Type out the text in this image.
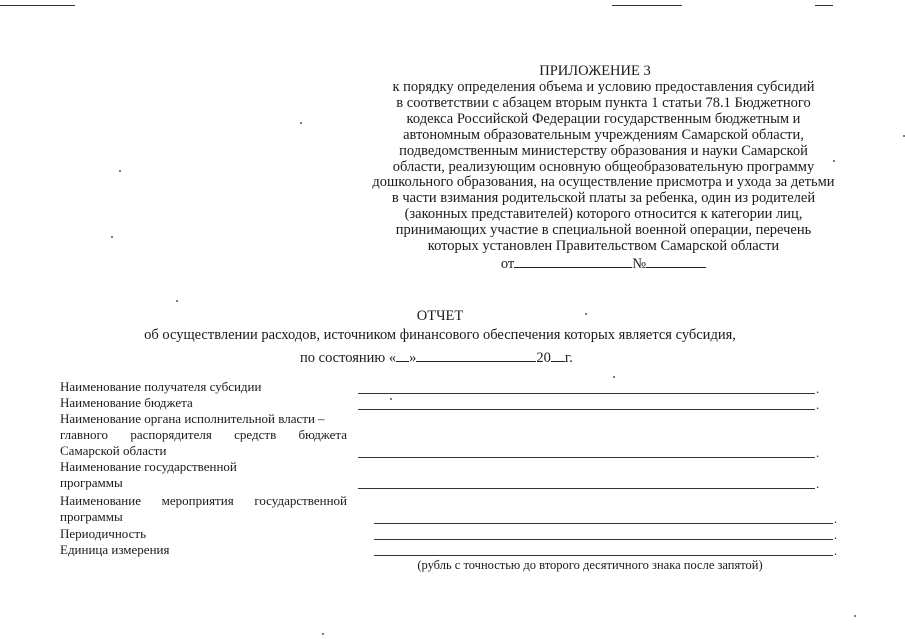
ПРИЛОЖЕНИЕ 3
к порядку определения объема и условию предоставления субсидий
в соответствии с абзацем вторым пункта 1 статьи 78.1 Бюджетного
кодекса Российской Федерации государственным бюджетным и
автономным образовательным учреждениям Самарской области,
подведомственным министерству образования и науки Самарской
области, реализующим основную общеобразовательную программу
дошкольного образования, на осуществление присмотра и ухода за детьми
в части взимания родительской платы за ребенка, один из родителей
(законных представителей) которого относится к категории лиц,
принимающих участие в специальной военной операции, перечень
которых установлен Правительством Самарской области
от	№
ОТЧЕТ
об осуществлении расходов, источником финансового обеспечения которых является субсидия,
по состоянию « »	20 г.
Наименование получателя субсидии
Наименование бюджета
Наименование органа исполнительной власти –
главного распорядителя средств бюджета
Самарской области
Наименование государственной
программы
Наименование мероприятия государственной
программы
Периодичность
Единица измерения
.
.
.
.
.
.
.
(рубль с точностью до второго десятичного знака после запятой)
